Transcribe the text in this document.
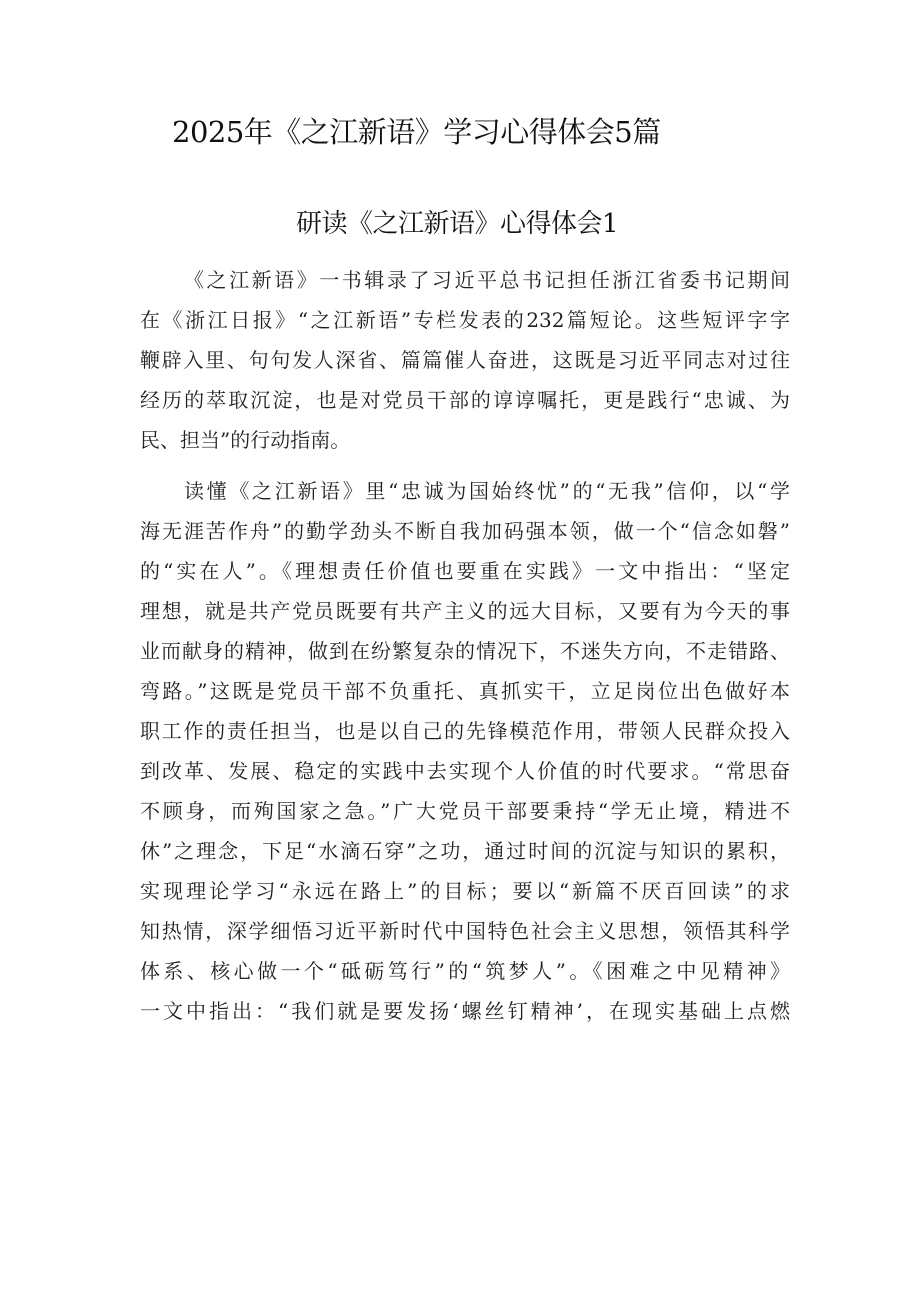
2025年《之江新语》学习心得体会5篇
研读《之江新语》心得体会1
《之江新语》一书辑录了习近平总书记担任浙江省委书记期间
在《浙江日报》“之江新语”专栏发表的232篇短论。这些短评字字
鞭辟入里、句句发人深省、篇篇催人奋进，这既是习近平同志对过往
经历的萃取沉淀，也是对党员干部的谆谆嘱托，更是践行“忠诚、为
民、担当”的行动指南。
读懂《之江新语》里“忠诚为国始终忧”的“无我”信仰，以“学
海无涯苦作舟”的勤学劲头不断自我加码强本领，做一个“信念如磐”
的“实在人”。《理想责任价值也要重在实践》一文中指出：“坚定
理想，就是共产党员既要有共产主义的远大目标，又要有为今天的事
业而献身的精神，做到在纷繁复杂的情况下，不迷失方向，不走错路、
弯路。”这既是党员干部不负重托、真抓实干，立足岗位出色做好本
职工作的责任担当，也是以自己的先锋模范作用，带领人民群众投入
到改革、发展、稳定的实践中去实现个人价值的时代要求。“常思奋
不顾身，而殉国家之急。”广大党员干部要秉持“学无止境，精进不
休”之理念，下足“水滴石穿”之功，通过时间的沉淀与知识的累积，
实现理论学习“永远在路上”的目标；要以“新篇不厌百回读”的求
知热情，深学细悟习近平新时代中国特色社会主义思想，领悟其科学
体系、核心做一个“砥砺笃行”的“筑梦人”。《困难之中见精神》
一文中指出：“我们就是要发扬‘螺丝钉精神’，在现实基础上点燃
